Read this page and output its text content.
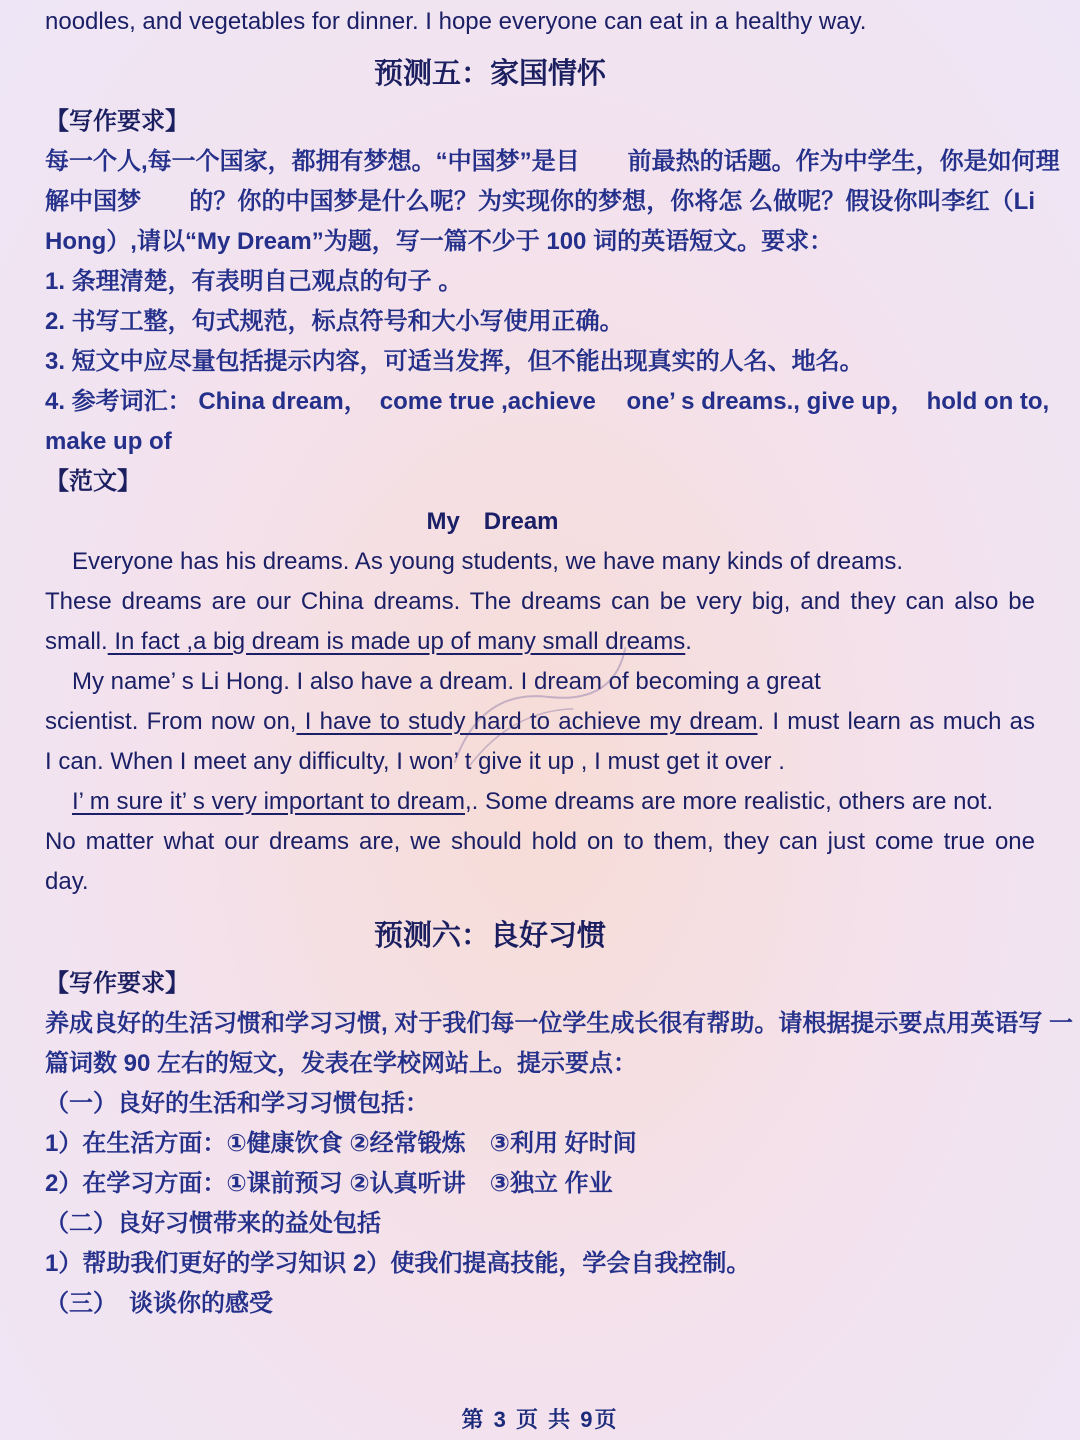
noodles, and vegetables for dinner. I hope everyone can eat in a healthy way.
预测五：家国情怀
【写作要求】
每一个人,每一个国家，都拥有梦想。“中国梦”是目　　前最热的话题。作为中学生，你是如何理
解中国梦　　的？你的中国梦是什么呢？为实现你的梦想，你将怎 么做呢？假设你叫李红（Li
Hong）,请以“My Dream”为题，写一篇不少于 100 词的英语短文。要求：
1. 条理清楚，有表明自己观点的句子 。
2. 书写工整，句式规范，标点符号和大小写使用正确。
3. 短文中应尽量包括提示内容，可适当发挥，但不能出现真实的人名、地名。
4. 参考词汇： China dream，　come true ,achieve　 one’ s dreams., give up，　hold on to,
make up of
【范文】
My　Dream
Everyone has his dreams. As young students, we have many kinds of dreams.
These dreams are our China dreams. The dreams can be very big, and they can also be
small. In fact ,a big dream is made up of many small dreams.
My name’ s Li Hong. I also have a dream. I dream of becoming a great
scientist. From now on, I have to study hard to achieve my dream. I must learn as much as
I can. When I meet any difficulty, I won’ t give it up , I must get it over .
I’ m sure it’ s very important to dream,. Some dreams are more realistic, others are not.
No matter what our dreams are, we should hold on to them, they can just come true one
day.
预测六：良好习惯
【写作要求】
养成良好的生活习惯和学习习惯, 对于我们每一位学生成长很有帮助。请根据提示要点用英语写 一
篇词数 90 左右的短文，发表在学校网站上。提示要点：
（一）良好的生活和学习习惯包括：
1）在生活方面：①健康饮食 ②经常锻炼　③利用 好时间
2）在学习方面：①课前预习 ②认真听讲　③独立 作业
（二）良好习惯带来的益处包括
1）帮助我们更好的学习知识 2）使我们提高技能，学会自我控制。
（三）　谈谈你的感受
第 3 页 共 9页
